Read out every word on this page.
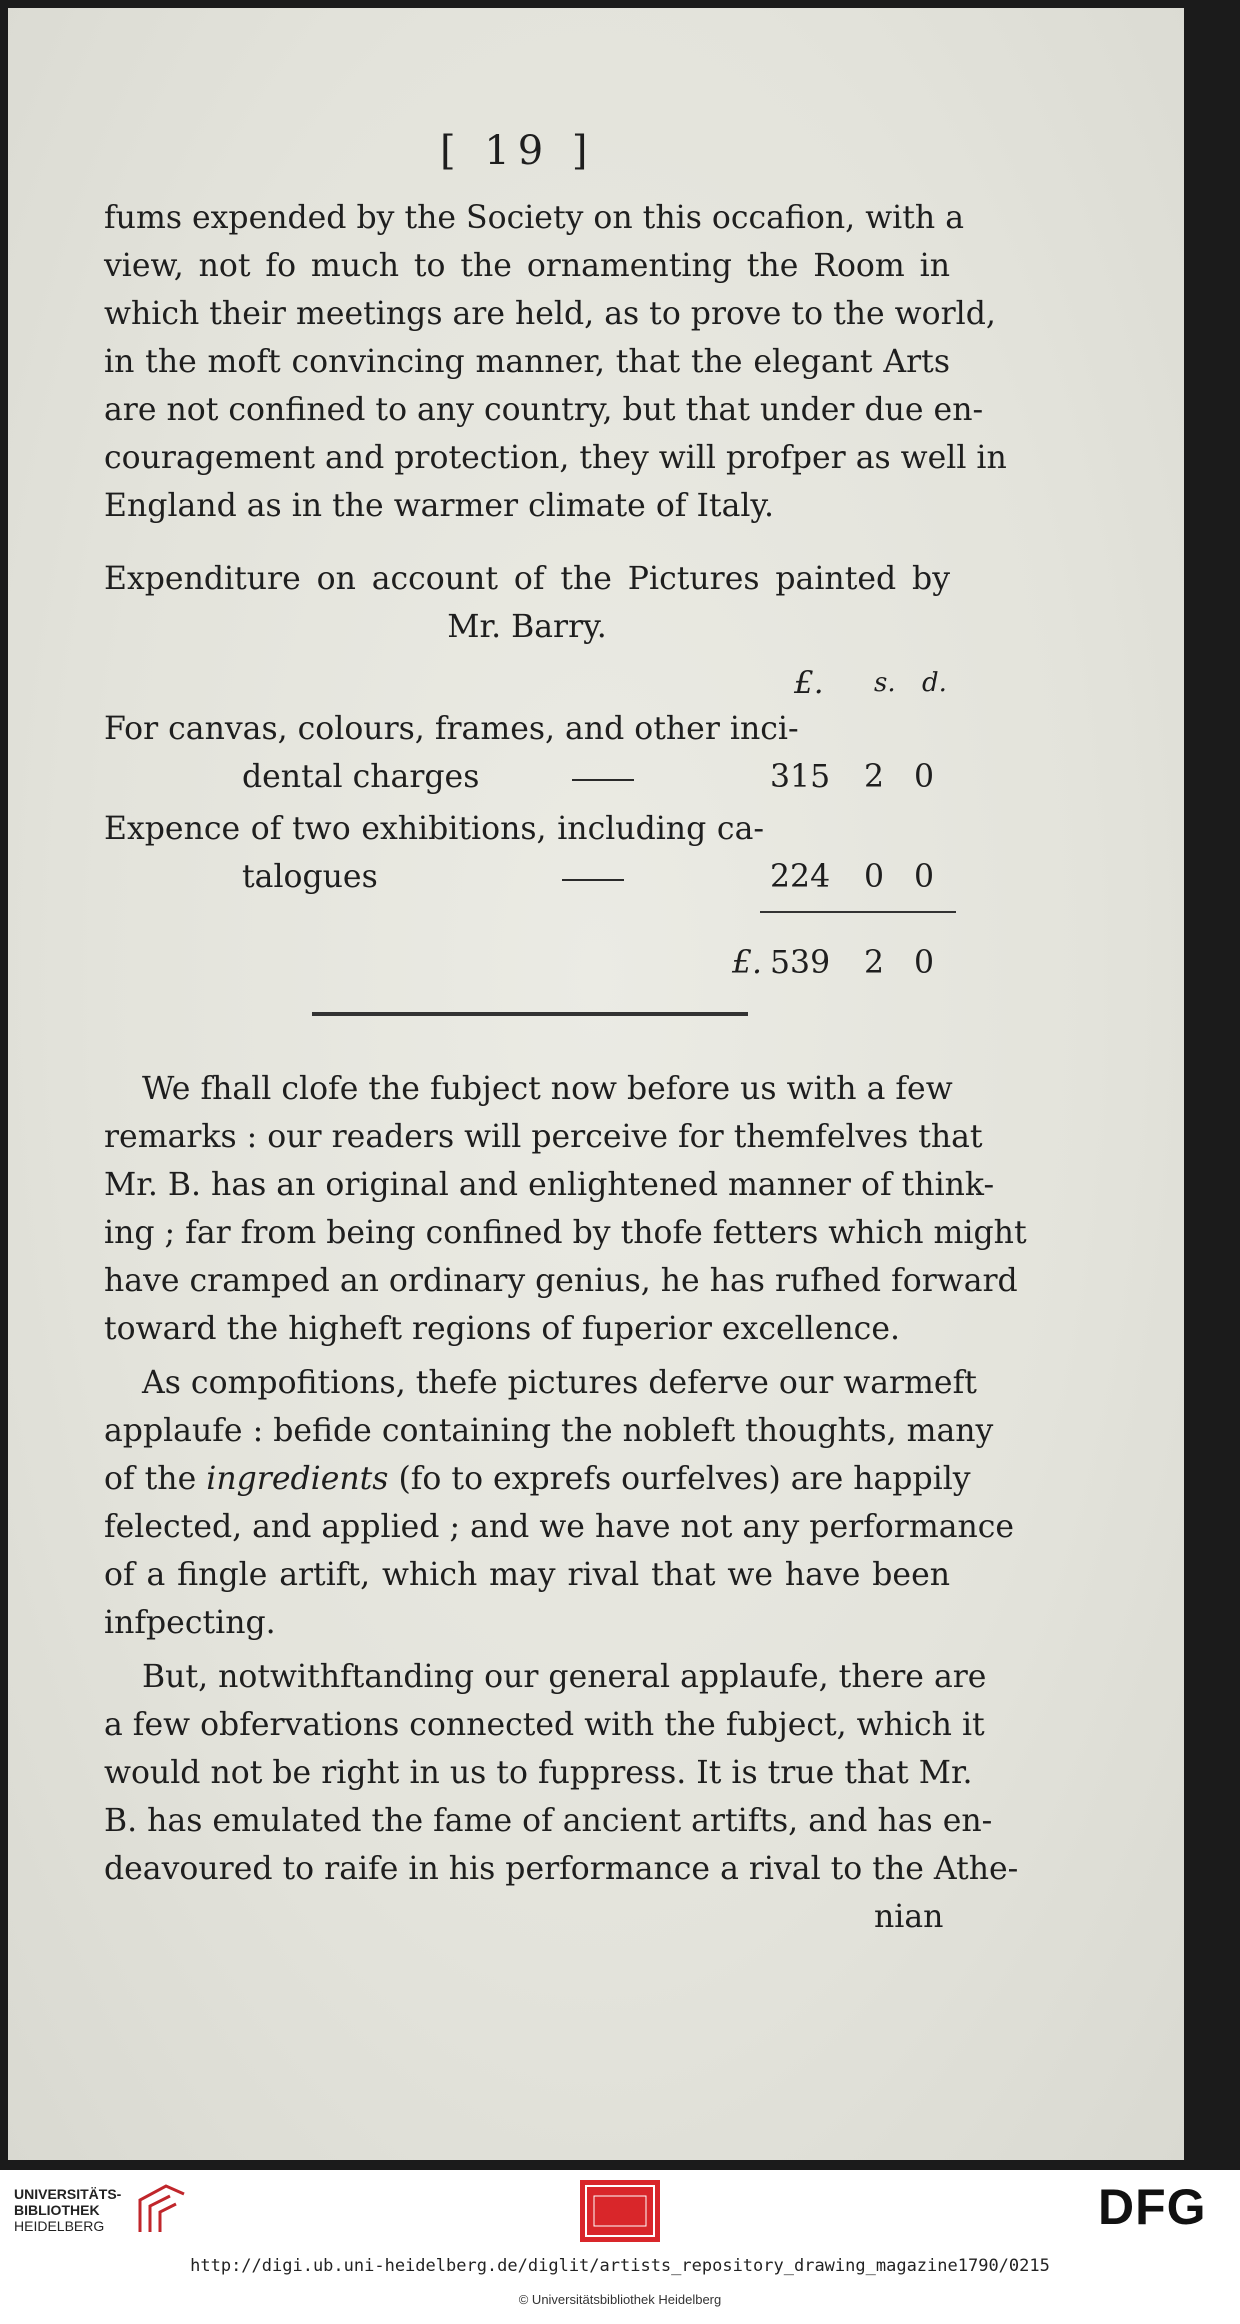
[ 19 ]
fums expended by the Society on this occafion, with a
view, not fo much to the ornamenting the Room in
which their meetings are held, as to prove to the world,
in the moft convincing manner, that the elegant Arts
are not confined to any country, but that under due en-
couragement and protection, they will profper as well in
England as in the warmer climate of Italy.
Expenditure on account of the Pictures painted by
Mr. Barry.
£. s. d.
For canvas, colours, frames, and other inci-
dental charges	315	2 0
Expence of two exhibitions, including ca-
talogues	224	0 0
£. 539	2 0
We fhall clofe the fubject now before us with a few
remarks : our readers will perceive for themfelves that
Mr. B. has an original and enlightened manner of think-
ing ; far from being confined by thofe fetters which might
have cramped an ordinary genius, he has rufhed forward
toward the higheft regions of fuperior excellence.
As compofitions, thefe pictures deferve our warmeft
applaufe : befide containing the nobleft thoughts, many
of the ingredients (fo to exprefs ourfelves) are happily
felected, and applied ; and we have not any performance
of a fingle artift, which may rival that we have been
infpecting.
But, notwithftanding our general applaufe, there are
a few obfervations connected with the fubject, which it
would not be right in us to fuppress. It is true that Mr.
B. has emulated the fame of ancient artifts, and has en-
deavoured to raife in his performance a rival to the Athe-
nian
UNIVERSITÄTS-
BIBLIOTHEK
HEIDELBERG	DFG
http://digi.ub.uni-heidelberg.de/diglit/artists_repository_drawing_magazine1790/0215
© Universitätsbibliothek Heidelberg
